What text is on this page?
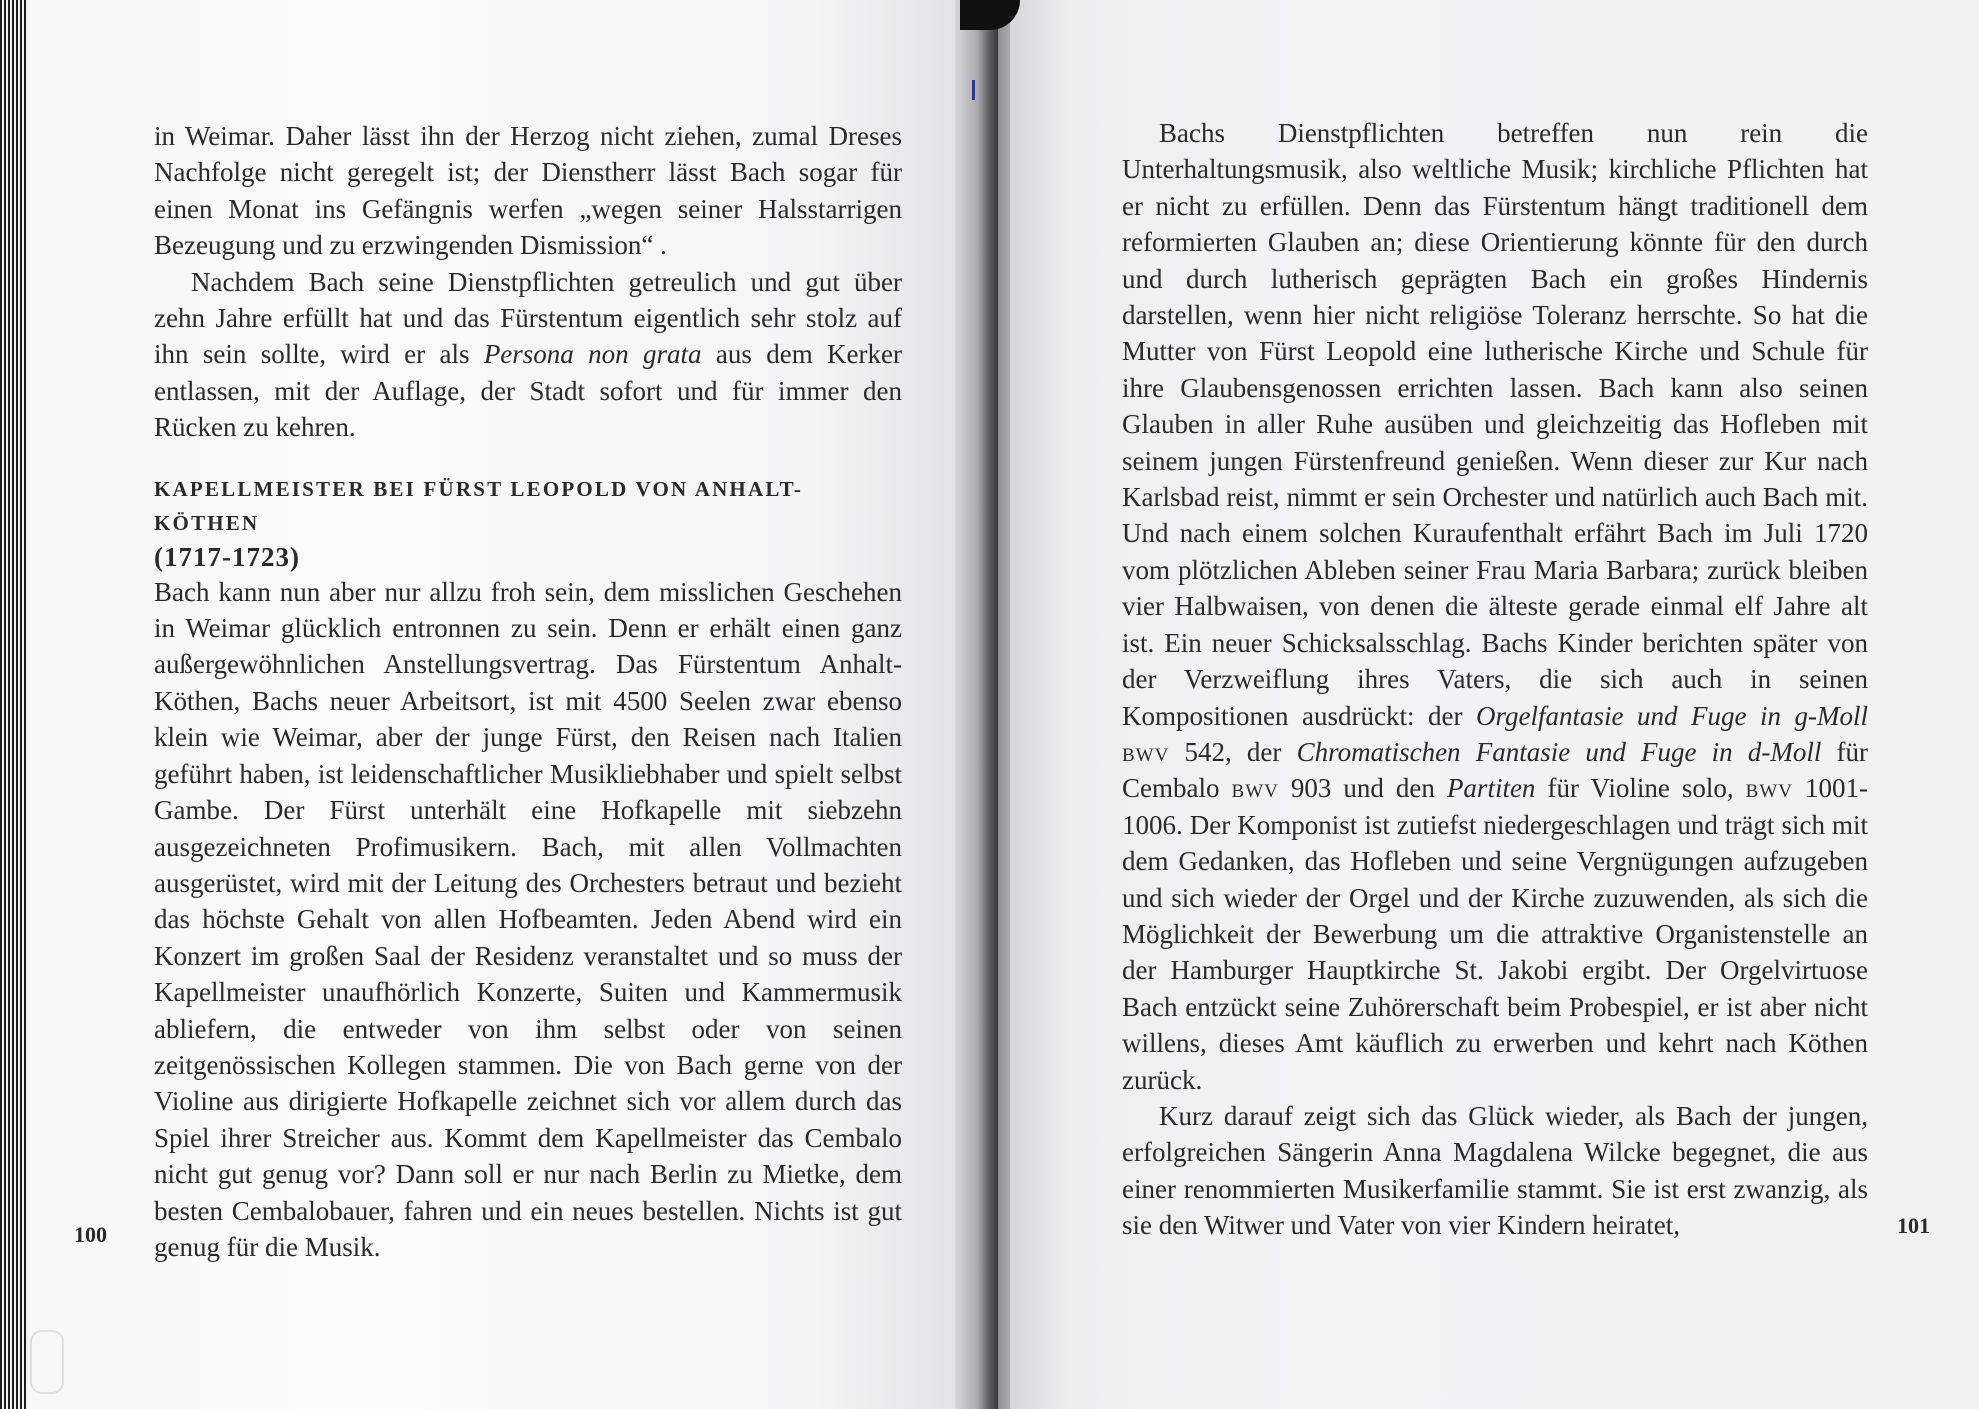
in Weimar. Daher lässt ihn der Herzog nicht ziehen, zumal Dreses Nachfolge nicht geregelt ist; der Dienstherr lässt Bach sogar für einen Monat ins Gefängnis werfen „wegen seiner Halsstarrigen Bezeugung und zu erzwingenden Dismission“ .

Nachdem Bach seine Dienstpflichten getreulich und gut über zehn Jahre erfüllt hat und das Fürstentum eigentlich sehr stolz auf ihn sein sollte, wird er als Persona non grata aus dem Kerker entlassen, mit der Auflage, der Stadt sofort und für immer den Rücken zu kehren.

KAPELLMEISTER BEI FÜRST LEOPOLD VON ANHALT-KÖTHEN
(1717-1723)

Bach kann nun aber nur allzu froh sein, dem misslichen Geschehen in Weimar glücklich entronnen zu sein. Denn er erhält einen ganz außergewöhnlichen Anstellungsvertrag. Das Fürstentum Anhalt-Köthen, Bachs neuer Arbeitsort, ist mit 4500 Seelen zwar ebenso klein wie Weimar, aber der junge Fürst, den Reisen nach Italien geführt haben, ist leidenschaftlicher Musikliebhaber und spielt selbst Gambe. Der Fürst unterhält eine Hofkapelle mit siebzehn ausgezeichneten Profimusikern. Bach, mit allen Vollmachten ausgerüstet, wird mit der Leitung des Orchesters betraut und bezieht das höchste Gehalt von allen Hofbeamten. Jeden Abend wird ein Konzert im großen Saal der Residenz veranstaltet und so muss der Kapellmeister unaufhörlich Konzerte, Suiten und Kammermusik abliefern, die entweder von ihm selbst oder von seinen zeitgenössischen Kollegen stammen. Die von Bach gerne von der Violine aus dirigierte Hofkapelle zeichnet sich vor allem durch das Spiel ihrer Streicher aus. Kommt dem Kapellmeister das Cembalo nicht gut genug vor? Dann soll er nur nach Berlin zu Mietke, dem besten Cembalobauer, fahren und ein neues bestellen. Nichts ist gut genug für die Musik.

100

Bachs Dienstpflichten betreffen nun rein die Unterhaltungsmusik, also weltliche Musik; kirchliche Pflichten hat er nicht zu erfüllen. Denn das Fürstentum hängt traditionell dem reformierten Glauben an; diese Orientierung könnte für den durch und durch lutherisch geprägten Bach ein großes Hindernis darstellen, wenn hier nicht religiöse Toleranz herrschte. So hat die Mutter von Fürst Leopold eine lutherische Kirche und Schule für ihre Glaubensgenossen errichten lassen. Bach kann also seinen Glauben in aller Ruhe ausüben und gleichzeitig das Hofleben mit seinem jungen Fürstenfreund genießen. Wenn dieser zur Kur nach Karlsbad reist, nimmt er sein Orchester und natürlich auch Bach mit. Und nach einem solchen Kuraufenthalt erfährt Bach im Juli 1720 vom plötzlichen Ableben seiner Frau Maria Barbara; zurück bleiben vier Halbwaisen, von denen die älteste gerade einmal elf Jahre alt ist. Ein neuer Schicksalsschlag. Bachs Kinder berichten später von der Verzweiflung ihres Vaters, die sich auch in seinen Kompositionen ausdrückt: der Orgelfantasie und Fuge in g-Moll bwv 542, der Chromatischen Fantasie und Fuge in d-Moll für Cembalo bwv 903 und den Partiten für Violine solo, bwv 1001-1006. Der Komponist ist zutiefst niedergeschlagen und trägt sich mit dem Gedanken, das Hofleben und seine Vergnügungen aufzugeben und sich wieder der Orgel und der Kirche zuzuwenden, als sich die Möglichkeit der Bewerbung um die attraktive Organistenstelle an der Hamburger Hauptkirche St. Jakobi ergibt. Der Orgelvirtuose Bach entzückt seine Zuhörerschaft beim Probespiel, er ist aber nicht willens, dieses Amt käuflich zu erwerben und kehrt nach Köthen zurück.

Kurz darauf zeigt sich das Glück wieder, als Bach der jungen, erfolgreichen Sängerin Anna Magdalena Wilcke begegnet, die aus einer renommierten Musikerfamilie stammt. Sie ist erst zwanzig, als sie den Witwer und Vater von vier Kindern heiratet,	101
